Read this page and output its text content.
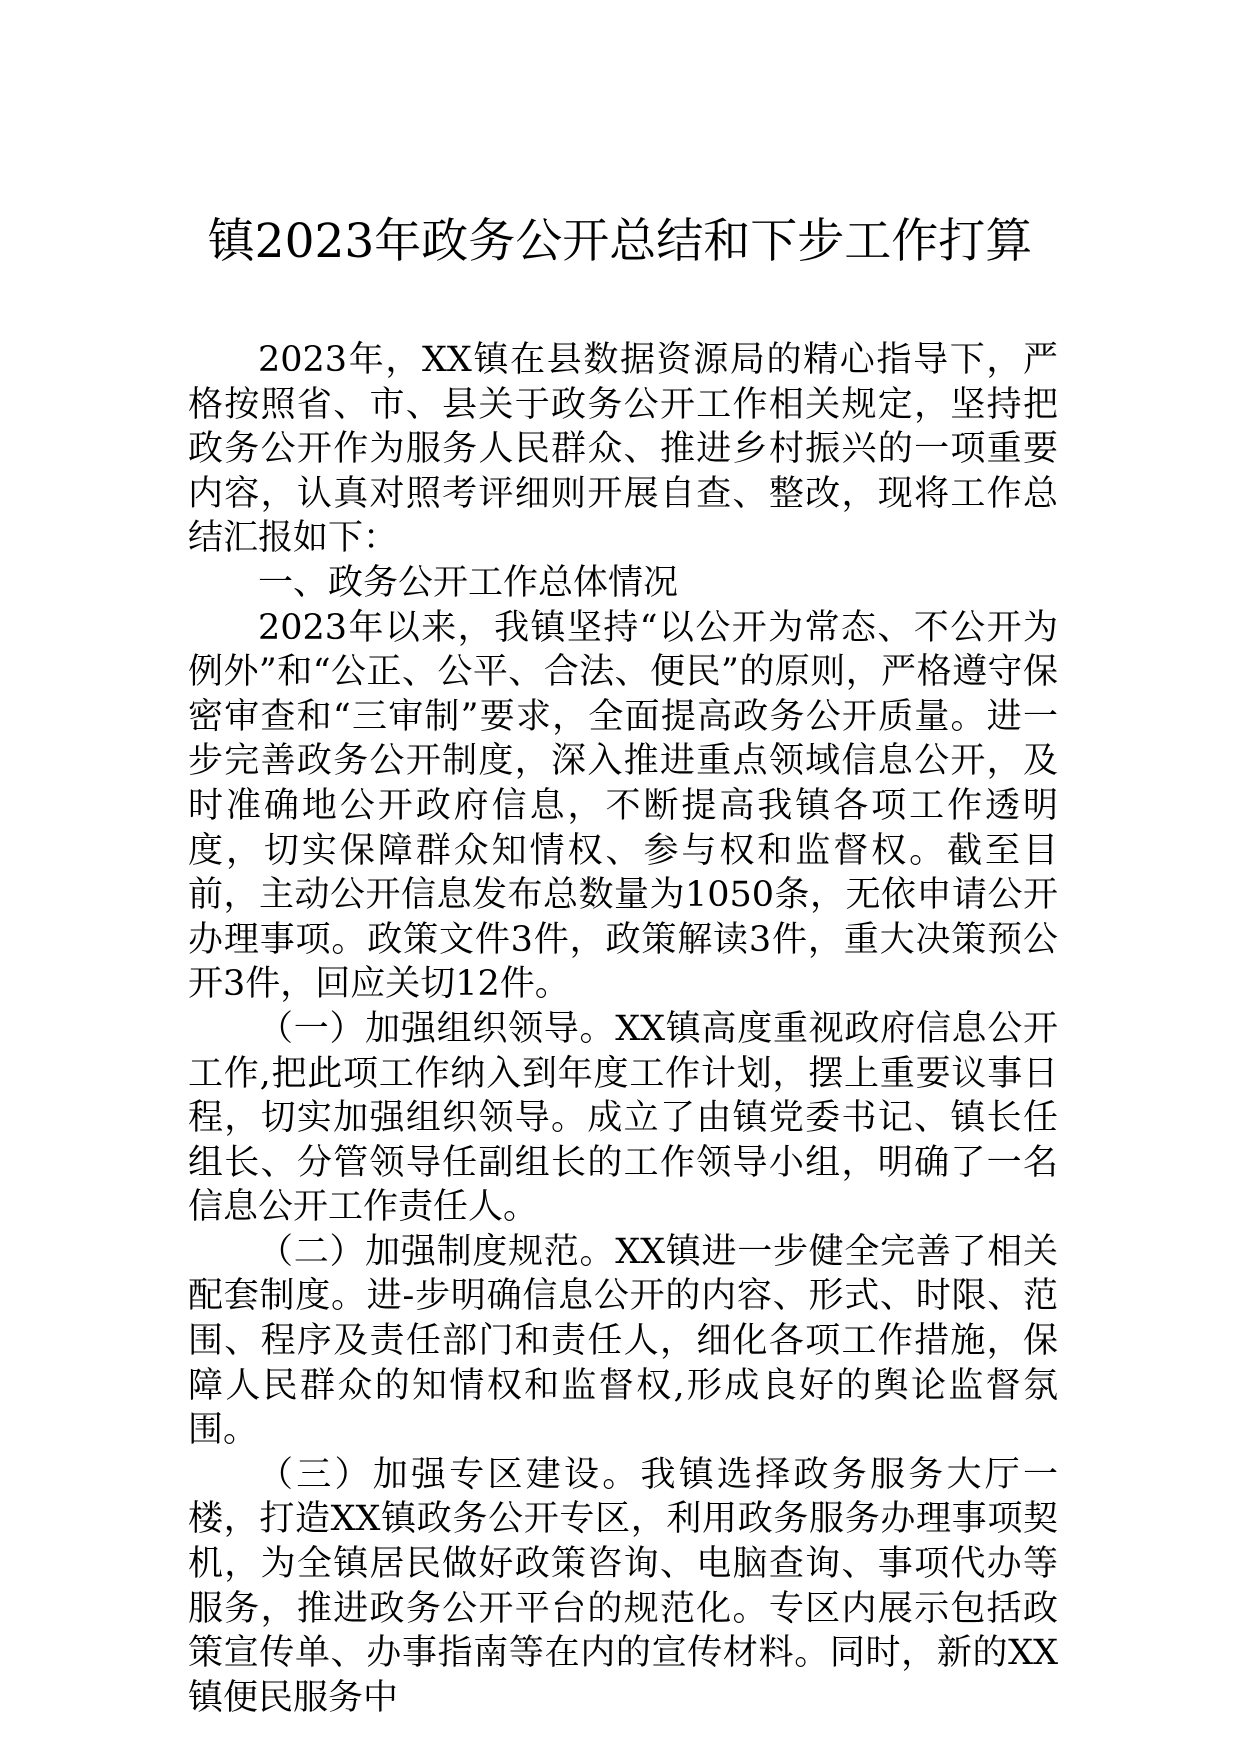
镇2023年政务公开总结和下步工作打算

2023年，XX镇在县数据资源局的精心指导下，严格按照省、市、县关于政务公开工作相关规定，坚持把政务公开作为服务人民群众、推进乡村振兴的一项重要内容，认真对照考评细则开展自查、整改，现将工作总结汇报如下：

一、政务公开工作总体情况

2023年以来，我镇坚持“以公开为常态、不公开为例外”和“公正、公平、合法、便民”的原则，严格遵守保密审查和“三审制”要求，全面提高政务公开质量。进一步完善政务公开制度，深入推进重点领域信息公开，及时准确地公开政府信息，不断提高我镇各项工作透明度，切实保障群众知情权、参与权和监督权。截至目前，主动公开信息发布总数量为1050条，无依申请公开办理事项。政策文件3件，政策解读3件，重大决策预公开3件，回应关切12件。

（一）加强组织领导。XX镇高度重视政府信息公开工作,把此项工作纳入到年度工作计划，摆上重要议事日程，切实加强组织领导。成立了由镇党委书记、镇长任组长、分管领导任副组长的工作领导小组，明确了一名信息公开工作责任人。

（二）加强制度规范。XX镇进一步健全完善了相关配套制度。进-步明确信息公开的内容、形式、时限、范围、程序及责任部门和责任人，细化各项工作措施，保障人民群众的知情权和监督权,形成良好的舆论监督氛围。

（三）加强专区建设。我镇选择政务服务大厅一楼，打造XX镇政务公开专区，利用政务服务办理事项契机，为全镇居民做好政策咨询、电脑查询、事项代办等服务，推进政务公开平台的规范化。专区内展示包括政策宣传单、办事指南等在内的宣传材料。同时，新的XX镇便民服务中
